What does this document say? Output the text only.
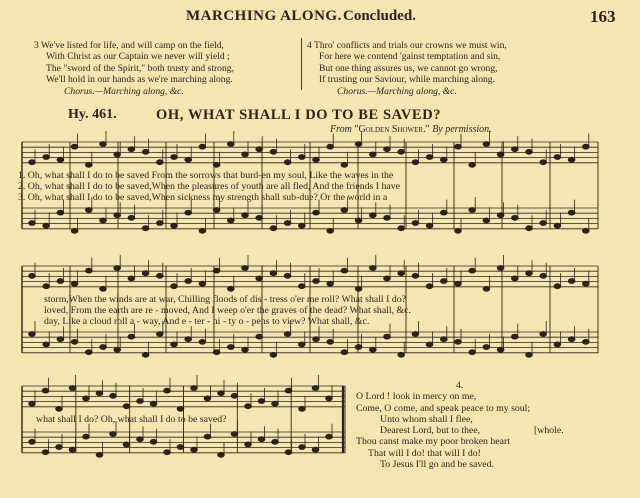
MARCHING ALONG. Concluded.	163
3 We've listed for life, and will camp on the field,
With Christ as our Captain we never will yield ;
The "sword of the Spirit," both trusty and strong,
We'll hold in our hands as we're marching along.
Chorus.—Marching along, &c.
4 Thro' conflicts and trials our crowns we must win,
For here we contend 'gainst temptation and sin,
But one thing assures us, we cannot go wrong,
If trusting our Saviour, while marching along.
Chorus.—Marching along, &c.
Hy. 461.	OH, WHAT SHALL I DO TO BE SAVED?
From "Golden Shower." By permission.
1. Oh, what shall I do to be saved From the sorrows that burd-en my soul, Like the waves in the
2. Oh, what shall I do to be saved,When the pleasures of youth are all fled, And the friends I have
3. Oh, what shall I do to be saved,When sickness my strength shall sub-due? Or the world in a
storm,When the winds are at war, Chilling floods of dis - tress o'er me roll? What shall I do?
loved, From the earth are re - moved, And I weep o'er the graves of the dead? What shall, &c.
day, Like a cloud roll a - way, And e - ter - ni - ty o - pens to view? What shall, &c.
what shall I do? Oh, what shall I do to be saved?
4.
O Lord ! look in mercy on me,
Come, O come, and speak peace to my soul;
Unto whom shall I flee,
Dearest Lord, but to thee,	[whole.
Thou canst make my poor broken heart
That will I do! that will I do!
To Jesus I'll go and be saved.
